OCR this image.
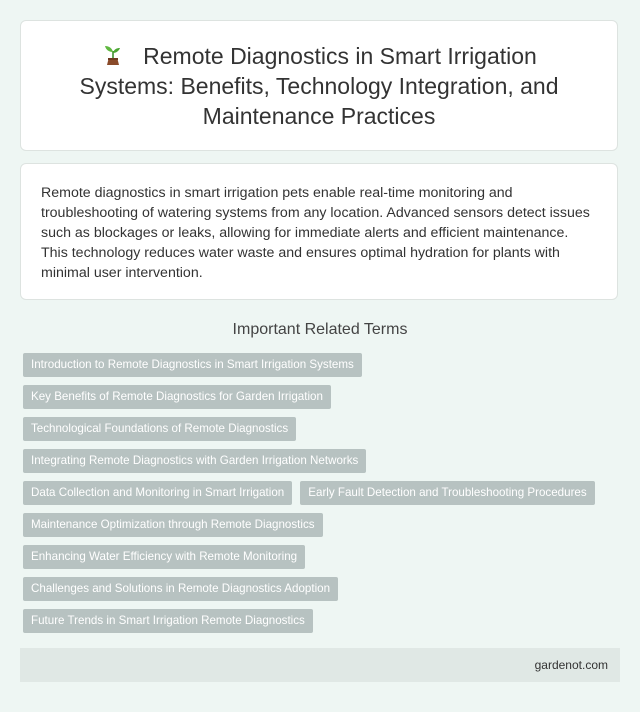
Remote Diagnostics in Smart Irrigation Systems: Benefits, Technology Integration, and Maintenance Practices

Remote diagnostics in smart irrigation pets enable real-time monitoring and troubleshooting of watering systems from any location. Advanced sensors detect issues such as blockages or leaks, allowing for immediate alerts and efficient maintenance. This technology reduces water waste and ensures optimal hydration for plants with minimal user intervention.

Important Related Terms
Introduction to Remote Diagnostics in Smart Irrigation Systems
Key Benefits of Remote Diagnostics for Garden Irrigation
Technological Foundations of Remote Diagnostics
Integrating Remote Diagnostics with Garden Irrigation Networks
Data Collection and Monitoring in Smart Irrigation	Early Fault Detection and Troubleshooting Procedures
Maintenance Optimization through Remote Diagnostics
Enhancing Water Efficiency with Remote Monitoring
Challenges and Solutions in Remote Diagnostics Adoption
Future Trends in Smart Irrigation Remote Diagnostics
gardenot.com
